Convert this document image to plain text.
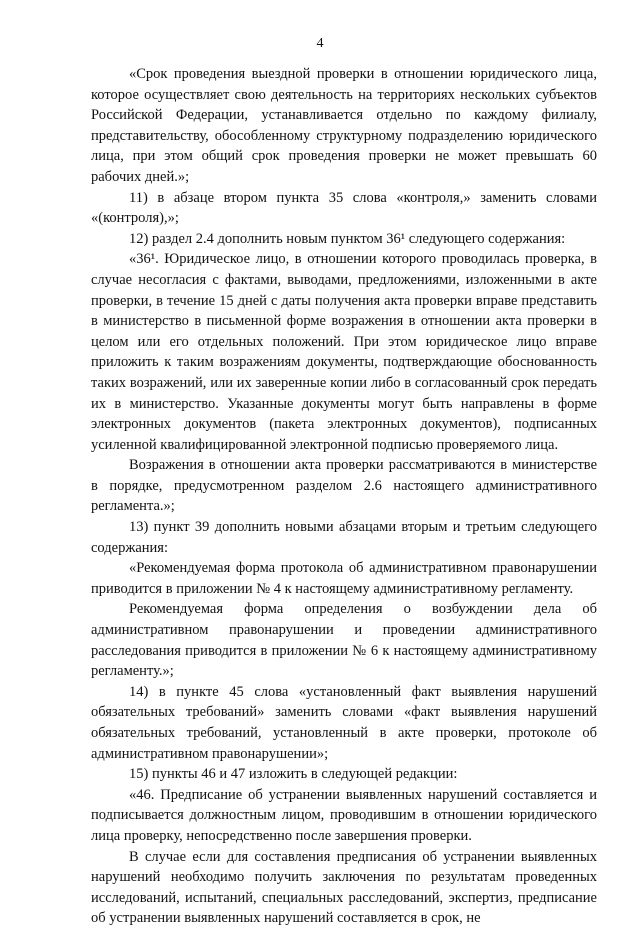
4

«Срок проведения выездной проверки в отношении юридического лица, которое осуществляет свою деятельность на территориях нескольких субъектов Российской Федерации, устанавливается отдельно по каждому филиалу, представительству, обособленному структурному подразделению юридического лица, при этом общий срок проведения проверки не может превышать 60 рабочих дней.»;

11) в абзаце втором пункта 35 слова «контроля,» заменить словами «(контроля),»;

12) раздел 2.4 дополнить новым пунктом 36¹ следующего содержания:

«36¹. Юридическое лицо, в отношении которого проводилась проверка, в случае несогласия с фактами, выводами, предложениями, изложенными в акте проверки, в течение 15 дней с даты получения акта проверки вправе представить в министерство в письменной форме возражения в отношении акта проверки в целом или его отдельных положений. При этом юридическое лицо вправе приложить к таким возражениям документы, подтверждающие обоснованность таких возражений, или их заверенные копии либо в согласованный срок передать их в министерство. Указанные документы могут быть направлены в форме электронных документов (пакета электронных документов), подписанных усиленной квалифицированной электронной подписью проверяемого лица.

Возражения в отношении акта проверки рассматриваются в министерстве в порядке, предусмотренном разделом 2.6 настоящего административного регламента.»;

13) пункт 39 дополнить новыми абзацами вторым и третьим следующего содержания:

«Рекомендуемая форма протокола об административном правонарушении приводится в приложении № 4 к настоящему административному регламенту.

Рекомендуемая форма определения о возбуждении дела об административном правонарушении и проведении административного расследования приводится в приложении № 6 к настоящему административному регламенту.»;

14) в пункте 45 слова «установленный факт выявления нарушений обязательных требований» заменить словами «факт выявления нарушений обязательных требований, установленный в акте проверки, протоколе об административном правонарушении»;

15) пункты 46 и 47 изложить в следующей редакции:

«46. Предписание об устранении выявленных нарушений составляется и подписывается должностным лицом, проводившим в отношении юридического лица проверку, непосредственно после завершения проверки.

В случае если для составления предписания об устранении выявленных нарушений необходимо получить заключения по результатам проведенных исследований, испытаний, специальных расследований, экспертиз, предписание об устранении выявленных нарушений составляется в срок, не
